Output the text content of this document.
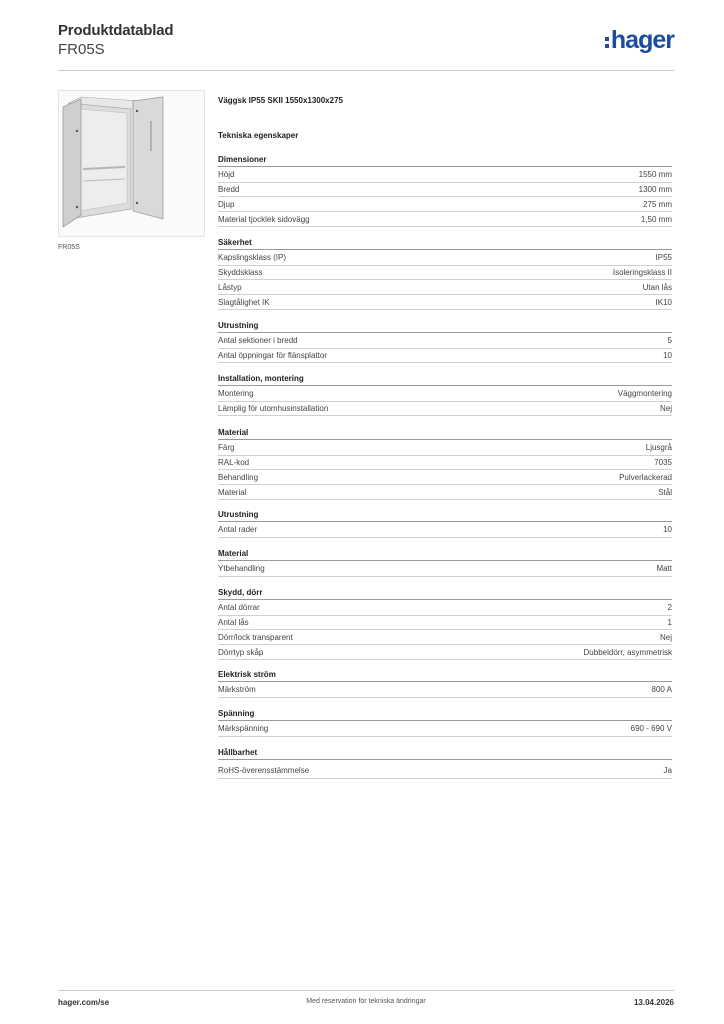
Produktdatablad
FR05S	hager
FR05S
Väggsk IP55 SKII 1550x1300x275
Tekniska egenskaper
Dimensioner
Höjd	1550 mm
Bredd	1300 mm
Djup	275 mm
Material tjocklek sidovägg	1,50 mm
Säkerhet
Kapslingsklass (IP)	IP55
Skyddsklass	Isoleringsklass II
Låstyp	Utan lås
Slagtålighet IK	IK10
Utrustning
Antal sektioner i bredd	5
Antal öppningar för flänsplattor	10
Installation, montering
Montering	Väggmontering
Lämplig för utomhusinstallation	Nej
Material
Färg	Ljusgrå
RAL-kod	7035
Behandling	Pulverlackerad
Material	Stål
Utrustning
Antal rader	10
Material
Ytbehandling	Matt
Skydd, dörr
Antal dörrar	2
Antal lås	1
Dörr/lock transparent	Nej
Dörrtyp skåp	Dubbeldörr, asymmetrisk
Elektrisk ström
Märkström	800 A
Spänning
Märkspänning	690 - 690 V
Hållbarhet
RoHS-överensstämmelse	Ja
hager.com/se	Med reservation för tekniska ändringar	13.04.2026
